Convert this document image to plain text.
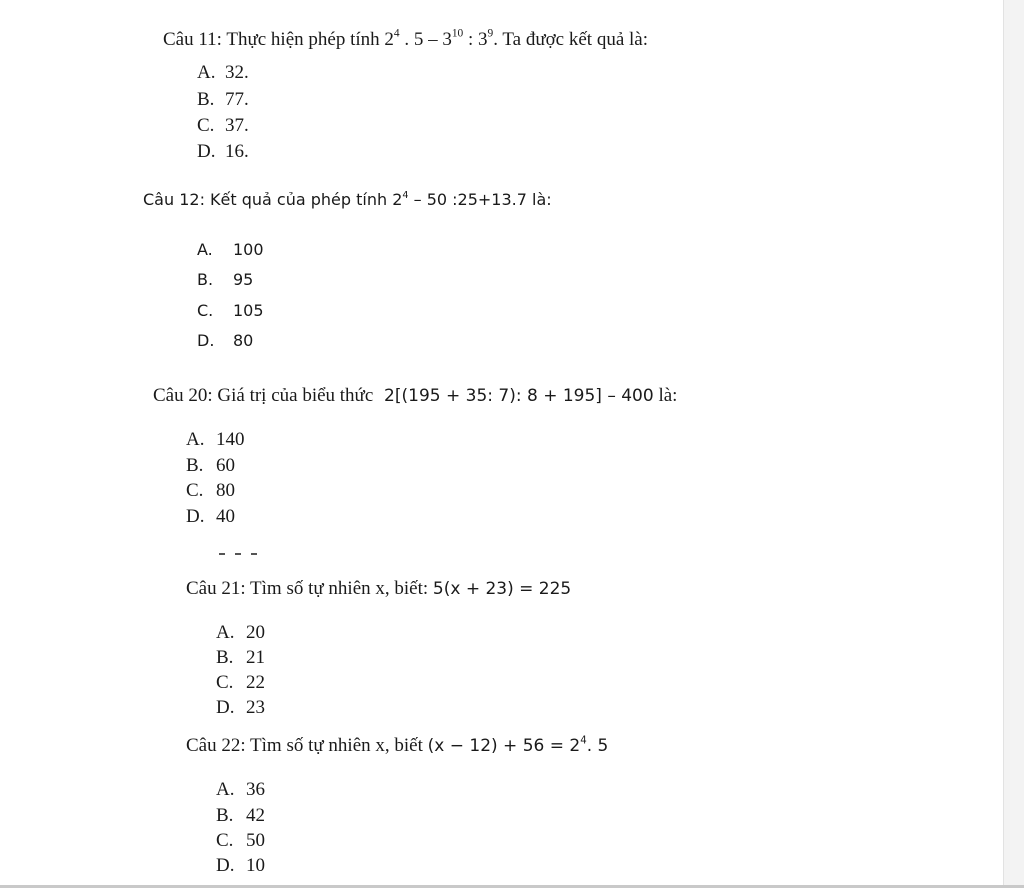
Câu 11: Thực hiện phép tính $2^4$ . $5 - 3^{10}$ : $3^9$. Ta được kết quả là:
A. 32.
B. 77.
C. 37.
D. 16.
Câu 12: Kết quả của phép tính $2^4 - 50$ :25+13.7 là:
A. 100
B. 95
C. 105
D. 80
Câu 20: Giá trị của biểu thức 2[(195 + 35: 7): 8 + 195] – 400 là:
A. 140
B. 60
C. 80
D. 40
Câu 21: Tìm số tự nhiên x, biết: 5(x + 23) = 225
A. 20
B. 21
C. 22
D. 23
Câu 22: Tìm số tự nhiên x, biết $(x - 12) + 56 = 2^4$. 5
A. 36
B. 42
C. 50
D. 10
